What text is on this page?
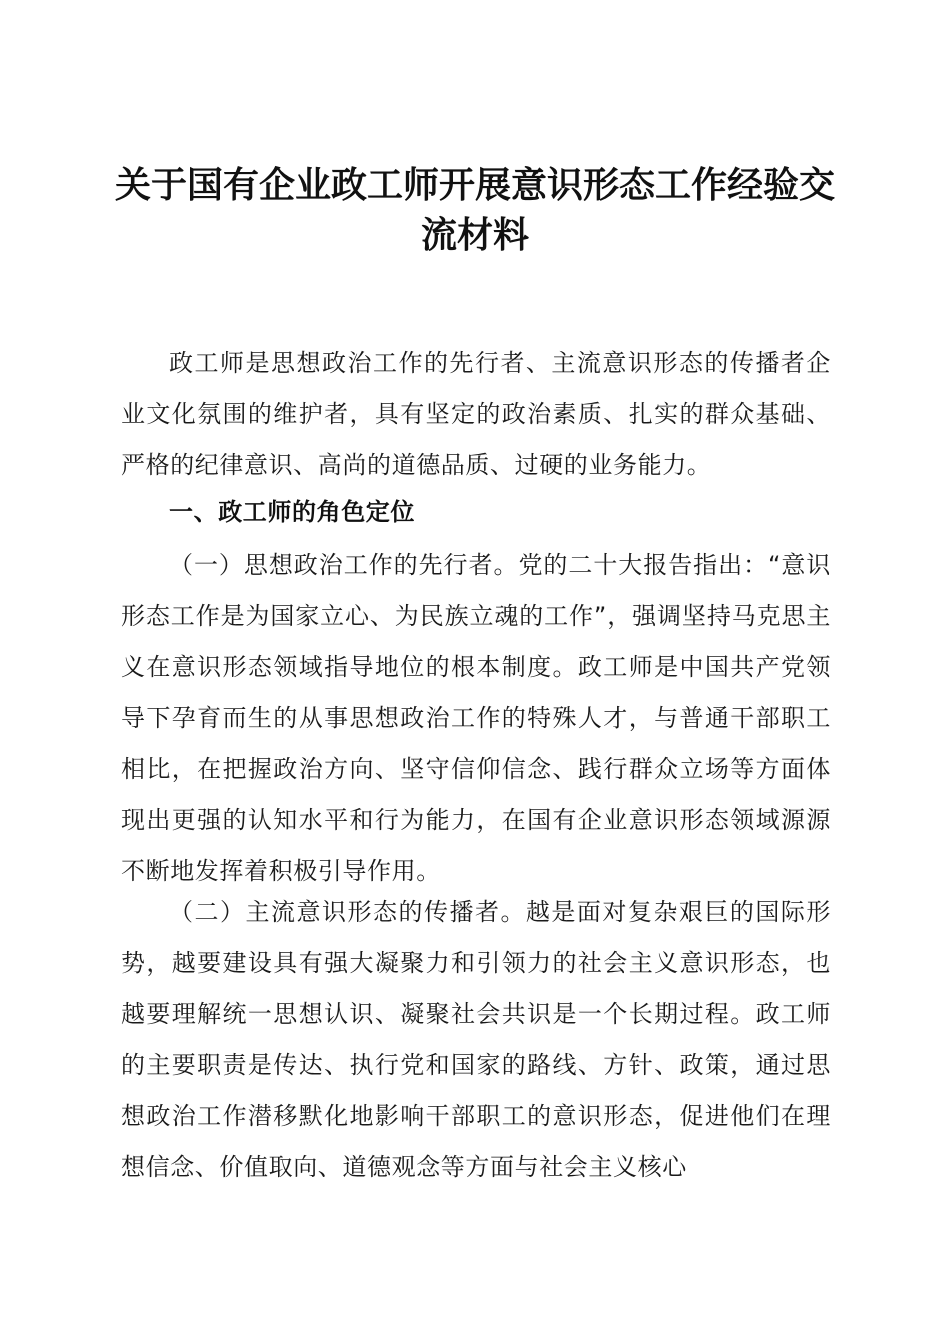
关于国有企业政工师开展意识形态工作经验交
流材料

政工师是思想政治工作的先行者、主流意识形态的传播者企业文化氛围的维护者，具有坚定的政治素质、扎实的群众基础、严格的纪律意识、高尚的道德品质、过硬的业务能力。

一、政工师的角色定位

（一）思想政治工作的先行者。党的二十大报告指出：“意识形态工作是为国家立心、为民族立魂的工作”，强调坚持马克思主义在意识形态领域指导地位的根本制度。政工师是中国共产党领导下孕育而生的从事思想政治工作的特殊人才，与普通干部职工相比，在把握政治方向、坚守信仰信念、践行群众立场等方面体现出更强的认知水平和行为能力，在国有企业意识形态领域源源不断地发挥着积极引导作用。

（二）主流意识形态的传播者。越是面对复杂艰巨的国际形势，越要建设具有强大凝聚力和引领力的社会主义意识形态，也越要理解统一思想认识、凝聚社会共识是一个长期过程。政工师的主要职责是传达、执行党和国家的路线、方针、政策，通过思想政治工作潜移默化地影响干部职工的意识形态，促进他们在理想信念、价值取向、道德观念等方面与社会主义核心
